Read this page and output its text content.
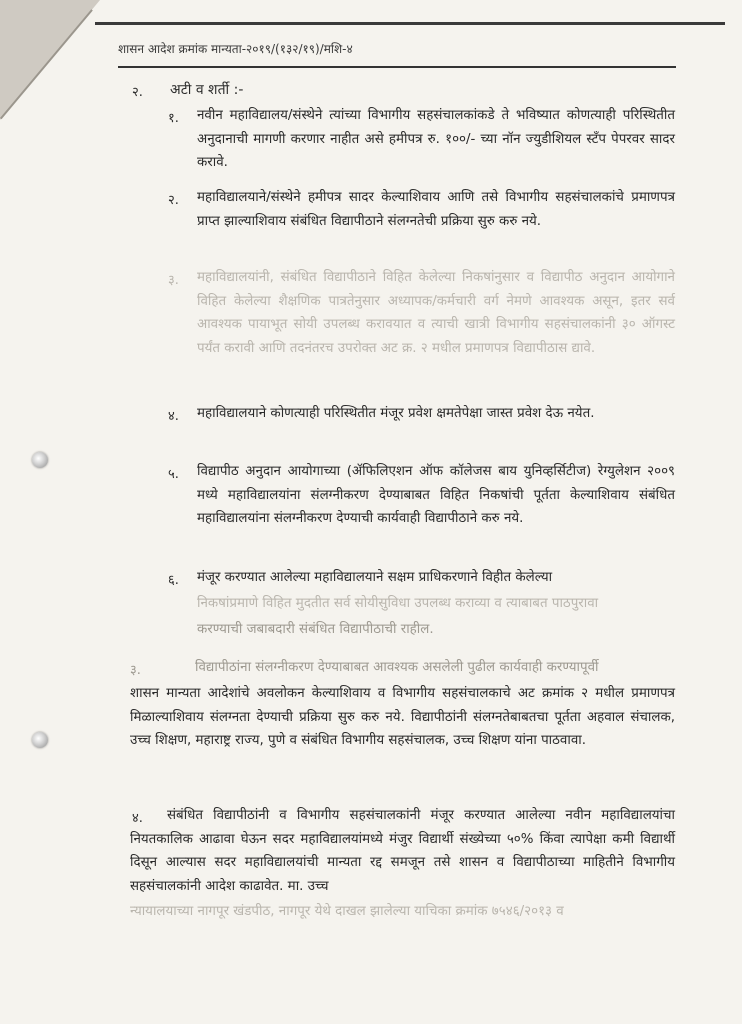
शासन आदेश क्रमांक मान्यता-२०१९/(१३२/१९)/मशि-४
२. अटी व शर्ती :-
१. नवीन महाविद्यालय/संस्थेने त्यांच्या विभागीय सहसंचालकांकडे ते भविष्यात कोणत्याही परिस्थितीत अनुदानाची मागणी करणार नाहीत असे हमीपत्र रु. १००/- च्या नॉन ज्युडीशियल स्टँप पेपरवर सादर करावे.
२. महाविद्यालयाने/संस्थेने हमीपत्र सादर केल्याशिवाय आणि तसे विभागीय सहसंचालकांचे प्रमाणपत्र प्राप्त झाल्याशिवाय संबंधित विद्यापीठाने संलग्नतेची प्रक्रिया सुरु करु नये.
३. महाविद्यालयांनी, संबंधित विद्यापीठाने विहित केलेल्या निकषांनुसार व विद्यापीठ अनुदान आयोगाने विहित केलेल्या शैक्षणिक पात्रतेनुसार अध्यापक/कर्मचारी वर्ग नेमणे आवश्यक असून, इतर सर्व आवश्यक पायाभूत सोयी उपलब्ध करावयात व त्याची खात्री विभागीय सहसंचालकांनी ३० ऑगस्ट पर्यंत करावी आणि तदनंतरच उपरोक्त अट क्र. २ मधील प्रमाणपत्र विद्यापीठास द्यावे.
४. महाविद्यालयाने कोणत्याही परिस्थितीत मंजूर प्रवेश क्षमतेपेक्षा जास्त प्रवेश देऊ नयेत.
५. विद्यापीठ अनुदान आयोगाच्या (ॲफिलिएशन ऑफ कॉलेजस बाय युनिव्हर्सिटीज) रेग्युलेशन २००९ मध्ये महाविद्यालयांना संलग्नीकरण देण्याबाबत विहित निकषांची पूर्तता केल्याशिवाय संबंधित महाविद्यालयांना संलग्नीकरण देण्याची कार्यवाही विद्यापीठाने करु नये.
६. मंजूर करण्यात आलेल्या महाविद्यालयाने सक्षम प्राधिकरणाने विहीत केलेल्या
निकषांप्रमाणे विहित मुदतीत सर्व सोयीसुविधा उपलब्ध कराव्या व त्याबाबत पाठपुरावा
करण्याची जबाबदारी संबंधित विद्यापीठाची राहील.
३.	विद्यापीठांना संलग्नीकरण देण्याबाबत आवश्यक असलेली पुढील कार्यवाही करण्यापूर्वी
शासन मान्यता आदेशांचे अवलोकन केल्याशिवाय व विभागीय सहसंचालकाचे अट क्रमांक २ मधील प्रमाणपत्र मिळाल्याशिवाय संलग्नता देण्याची प्रक्रिया सुरु करु नये. विद्यापीठांनी संलग्नतेबाबतचा पूर्तता अहवाल संचालक, उच्च शिक्षण, महाराष्ट्र राज्य, पुणे व संबंधित विभागीय सहसंचालक, उच्च शिक्षण यांना पाठवावा.
४.	संबंधित विद्यापीठांनी व विभागीय सहसंचालकांनी मंजूर करण्यात आलेल्या नवीन महाविद्यालयांचा नियतकालिक आढावा घेऊन सदर महाविद्यालयांमध्ये मंजुर विद्यार्थी संख्येच्या ५०% किंवा त्यापेक्षा कमी विद्यार्थी दिसून आल्यास सदर महाविद्यालयांची मान्यता रद्द समजून तसे शासन व विद्यापीठाच्या माहितीने विभागीय सहसंचालकांनी आदेश काढावेत. मा. उच्च
न्यायालयाच्या नागपूर खंडपीठ, नागपूर येथे दाखल झालेल्या याचिका क्रमांक ७५४६/२०१३ व
